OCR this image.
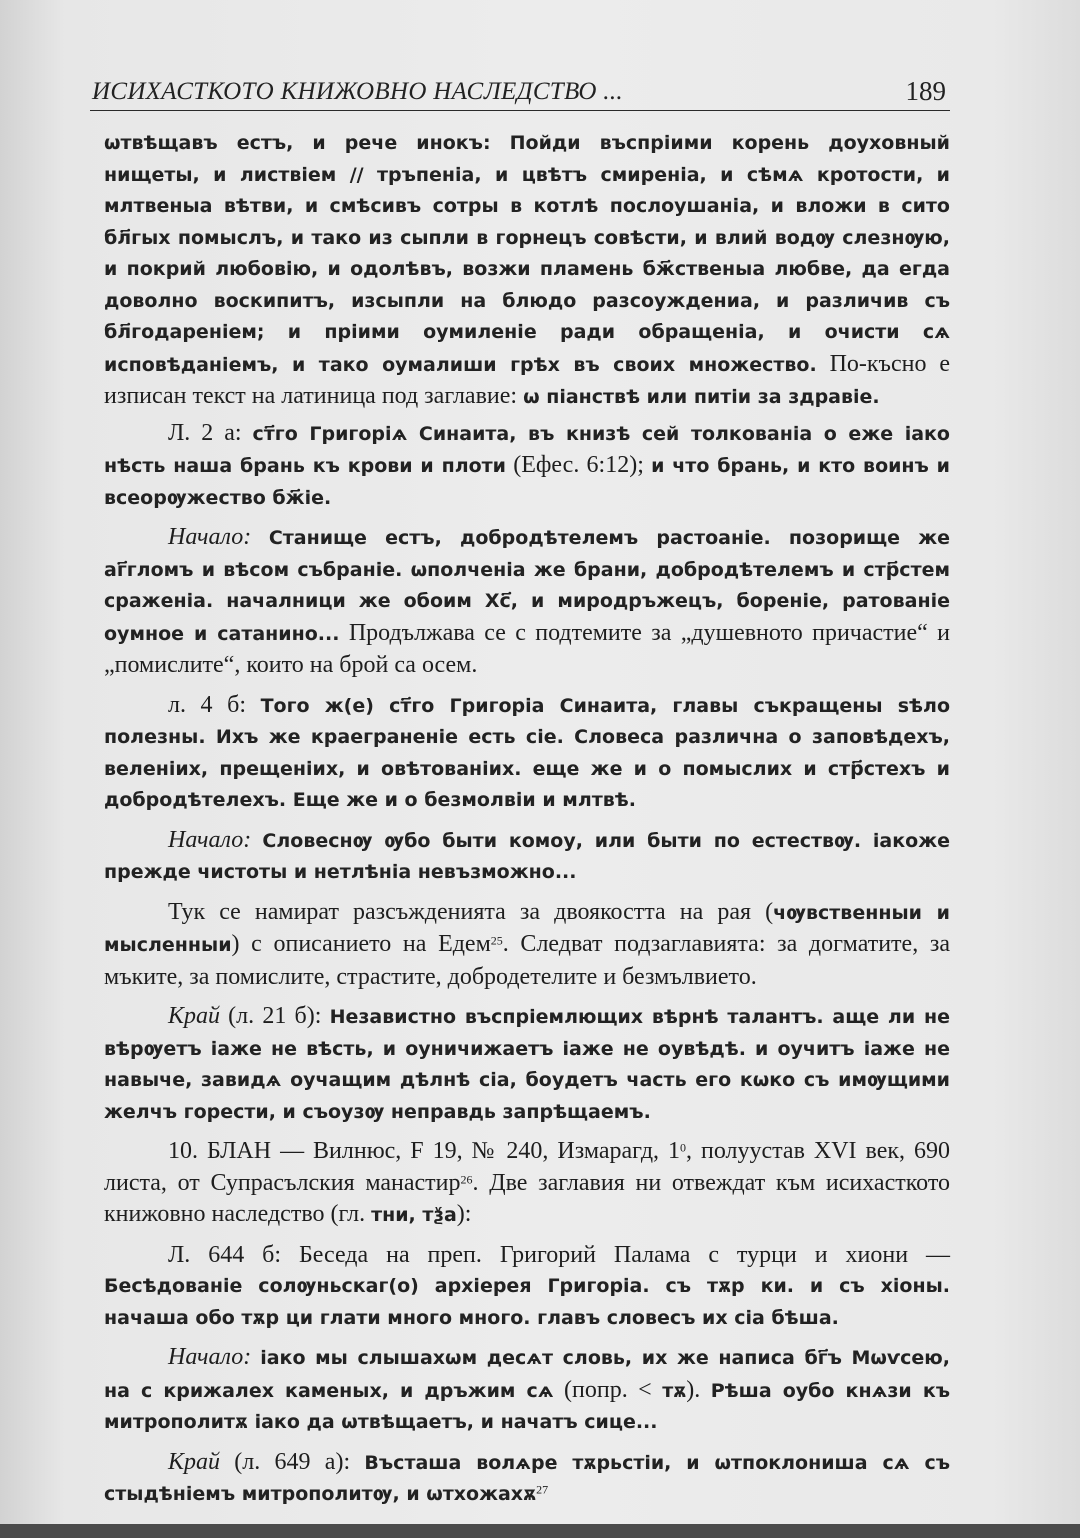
ИСИХАСТКОТО КНИЖОВНО НАСЛЕДСТВО ...	189

ѡтвѣщавъ естъ, и рече инокъ: Пойди въспріими корень доуховный нищеты, и листвіем // тръпеніа, и цвѣтъ смиреніа, и сѣмѧ кротости, и млтвеныа вѣтви, и смѣсивъ сотры в котлѣ послоушаніа, и вложи в сито бл҃гых помыслъ, и тако из сыпли в горнецъ совѣсти, и влий водѹ слезнѹю, и покрий любовію, и одолѣвъ, возжи пламень бж҃ственыа любве, да егда доволно воскипитъ, изсыпли на блюдо разсоуждениа, и различив съ бл҃годареніем; и пріими оумиленіе ради обращеніа, и очисти сѧ исповѣданіемъ, и тако оумалиши грѣх въ своих множество. По-късно е изписан текст на латиница под заглавие: ѡ піанствѣ или питіи за здравіе.

Л. 2 а: ст҃го Григоріѧ Синаита, въ книзѣ сей толкованіа о еже іако нѣсть наша брань къ крови и плоти (Ефес. 6:12); и что брань, и кто воинъ и всеорѹжество бж҃іе.

Начало: Станище естъ, добродѣтелемъ растоаніе. позорище же аг҃гломъ и вѣсом събраніе. ѡполченіа же брани, добродѣтелемъ и стр҃стем сраженіа. началници же обоим Хс҃, и миродръжецъ, бореніе, ратованіе оумное и сатанино... Продължава се с подтемите за „душевното причастие“ и „помислите“, които на брой са осем.

л. 4 б: Того ж(е) ст҃го Григоріа Синаита, главы съкращены ѕѣло полезны. Ихъ же краеграненіе есть сіе. Словеса различна о заповѣдехъ, веленіих, прещеніих, и овѣтованіих. еще же и о помыслих и стр҃стехъ и добродѣтелехъ. Еще же и о безмолвіи и млтвѣ.

Начало: Словеснѹ ѹбо быти комоу, или быти по естествѹ. іакоже прежде чистоты и нетлѣніа невъзможно...

Тук се намират разсъжденията за двоякостта на рая (чѹвственныи и мысленныи) с описанието на Едем$^{25}$. Следват подзаглавията: за догматите, за мъките, за помислите, страстите, добродетелите и безмълвието.

Край (л. 21 б): Независтно въспріемлющих вѣрнѣ талантъ. аще ли не вѣрѹетъ іаже не вѣсть, и оуничижаетъ іаже не оувѣдѣ. и оучитъ іаже не навыче, завидѧ оучащим дѣлнѣ сіа, боудетъ часть его кѡко съ имѹщими желчъ горести, и съоузѹ неправдь запрѣщаемъ.

10. БЛАН — Вилнюс, F 19, № 240, Измарагд, $1^0$, полуустав XVI век, 690 листа, от Супрасълския манастир$^{26}$. Две заглавия ни отвеждат към исихасткото книжовно наследство (гл. тни, тѯа):

Л. 644 б: Беседа на преп. Григорий Палама с турци и хиони — Бесѣдованіе солѹньскаг(о) архіерея Григоріа. съ тѫр ки. и съ хіоны. начаша обо тѫр ци глати много много. главъ словесъ их сіа бѣша.

Начало: іако мы слышахѡм десѧт словь, их же написа бг҃ъ Мѡѵсею, на с крижалех каменых, и дръжим сѧ (попр. < тѫ). Рѣша оубо кнѧзи къ митрополитѫ іако да ѡтвѣщаетъ, и начатъ сице...

Край (л. 649 а): Въсташа волѧре тѫрьстіи, и ѡтпоклониша сѧ съ стыдѣніемъ митрополитѹ, и ѡтхожахѫ$^{27}$
